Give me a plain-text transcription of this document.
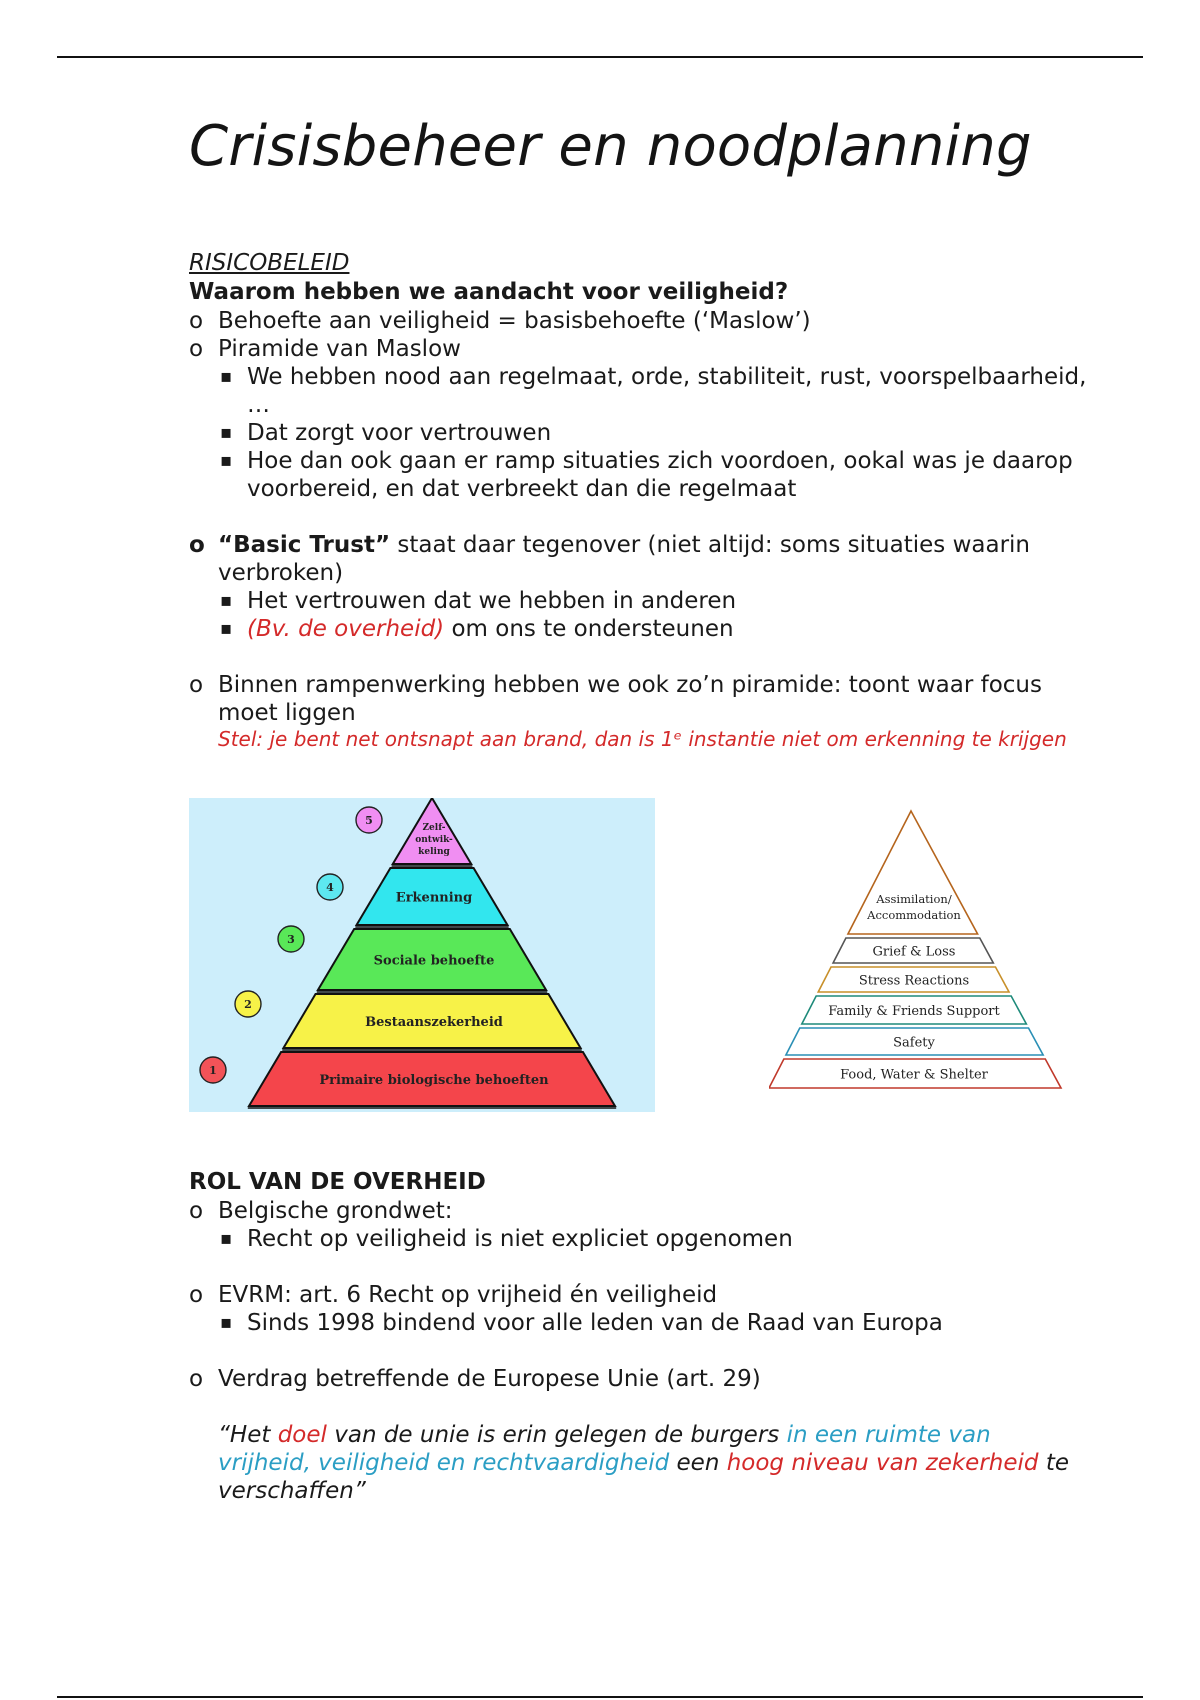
Crisisbeheer en noodplanning
RISICOBELEID
Waarom hebben we aandacht voor veiligheid?
o Behoefte aan veiligheid = basisbehoefte (‘Maslow’)
o Piramide van Maslow
▪ We hebben nood aan regelmaat, orde, stabiliteit, rust, voorspelbaarheid, …
▪ Dat zorgt voor vertrouwen
▪ Hoe dan ook gaan er ramp situaties zich voordoen, ookal was je daarop voorbereid, en dat verbreekt dan die regelmaat
o “Basic Trust” staat daar tegenover (niet altijd: soms situaties waarin verbroken)
▪ Het vertrouwen dat we hebben in anderen
▪ (Bv. de overheid) om ons te ondersteunen
o Binnen rampenwerking hebben we ook zo’n piramide: toont waar focus moet liggen
Stel: je bent net ontsnapt aan brand, dan is 1ᵉ instantie niet om erkenning te krijgen
Primaire biologische behoeften
Bestaanszekerheid
Sociale behoefte
Erkenning
Zelf-
ontwik-
keling
1
2
3
4
5
Food, Water & Shelter
Safety
Family & Friends Support
Stress Reactions
Grief & Loss
Assimilation/
Accommodation
ROL VAN DE OVERHEID
o Belgische grondwet:
▪ Recht op veiligheid is niet expliciet opgenomen
o EVRM: art. 6 Recht op vrijheid én veiligheid
▪ Sinds 1998 bindend voor alle leden van de Raad van Europa
o Verdrag betreffende de Europese Unie (art. 29)
“Het doel van de unie is erin gelegen de burgers in een ruimte van vrijheid, veiligheid en rechtvaardigheid een hoog niveau van zekerheid te verschaffen”
